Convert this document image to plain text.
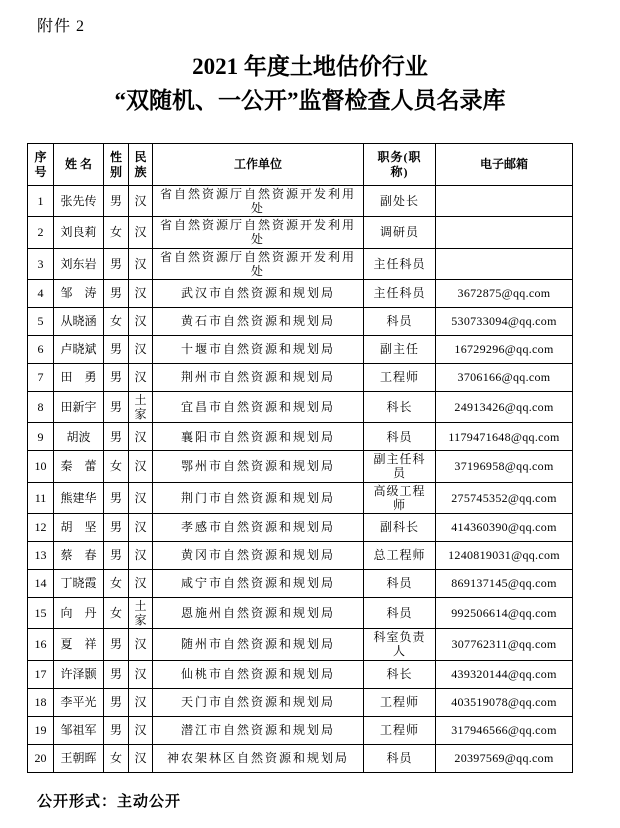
附件 2
2021 年度土地估价行业
“双随机、一公开”监督检查人员名录库
序号	姓 名	性别	民族	工作单位	职务(职称)	电子邮箱
1	张先传	男	汉	省自然资源厅自然资源开发利用处	副处长	
2	刘良莉	女	汉	省自然资源厅自然资源开发利用处	调研员	
3	刘东岩	男	汉	省自然资源厅自然资源开发利用处	主任科员	
4	邹　涛	男	汉	武汉市自然资源和规划局	主任科员	3672875@qq.com
5	从晓涵	女	汉	黄石市自然资源和规划局	科员	530733094@qq.com
6	卢晓斌	男	汉	十堰市自然资源和规划局	副主任	16729296@qq.com
7	田　勇	男	汉	荆州市自然资源和规划局	工程师	3706166@qq.com
8	田新宇	男	土家	宜昌市自然资源和规划局	科长	24913426@qq.com
9	胡波	男	汉	襄阳市自然资源和规划局	科员	1179471648@qq.com
10	秦　蕾	女	汉	鄂州市自然资源和规划局	副主任科员	37196958@qq.com
11	熊建华	男	汉	荆门市自然资源和规划局	高级工程师	275745352@qq.com
12	胡　坚	男	汉	孝感市自然资源和规划局	副科长	414360390@qq.com
13	蔡　春	男	汉	黄冈市自然资源和规划局	总工程师	1240819031@qq.com
14	丁晓霞	女	汉	咸宁市自然资源和规划局	科员	869137145@qq.com
15	向　丹	女	土家	恩施州自然资源和规划局	科员	992506614@qq.com
16	夏　祥	男	汉	随州市自然资源和规划局	科室负责人	307762311@qq.com
17	许泽颢	男	汉	仙桃市自然资源和规划局	科长	439320144@qq.com
18	李平光	男	汉	天门市自然资源和规划局	工程师	403519078@qq.com
19	邹祖军	男	汉	潜江市自然资源和规划局	工程师	317946566@qq.com
20	王朝晖	女	汉	神农架林区自然资源和规划局	科员	20397569@qq.com
公开形式：主动公开
